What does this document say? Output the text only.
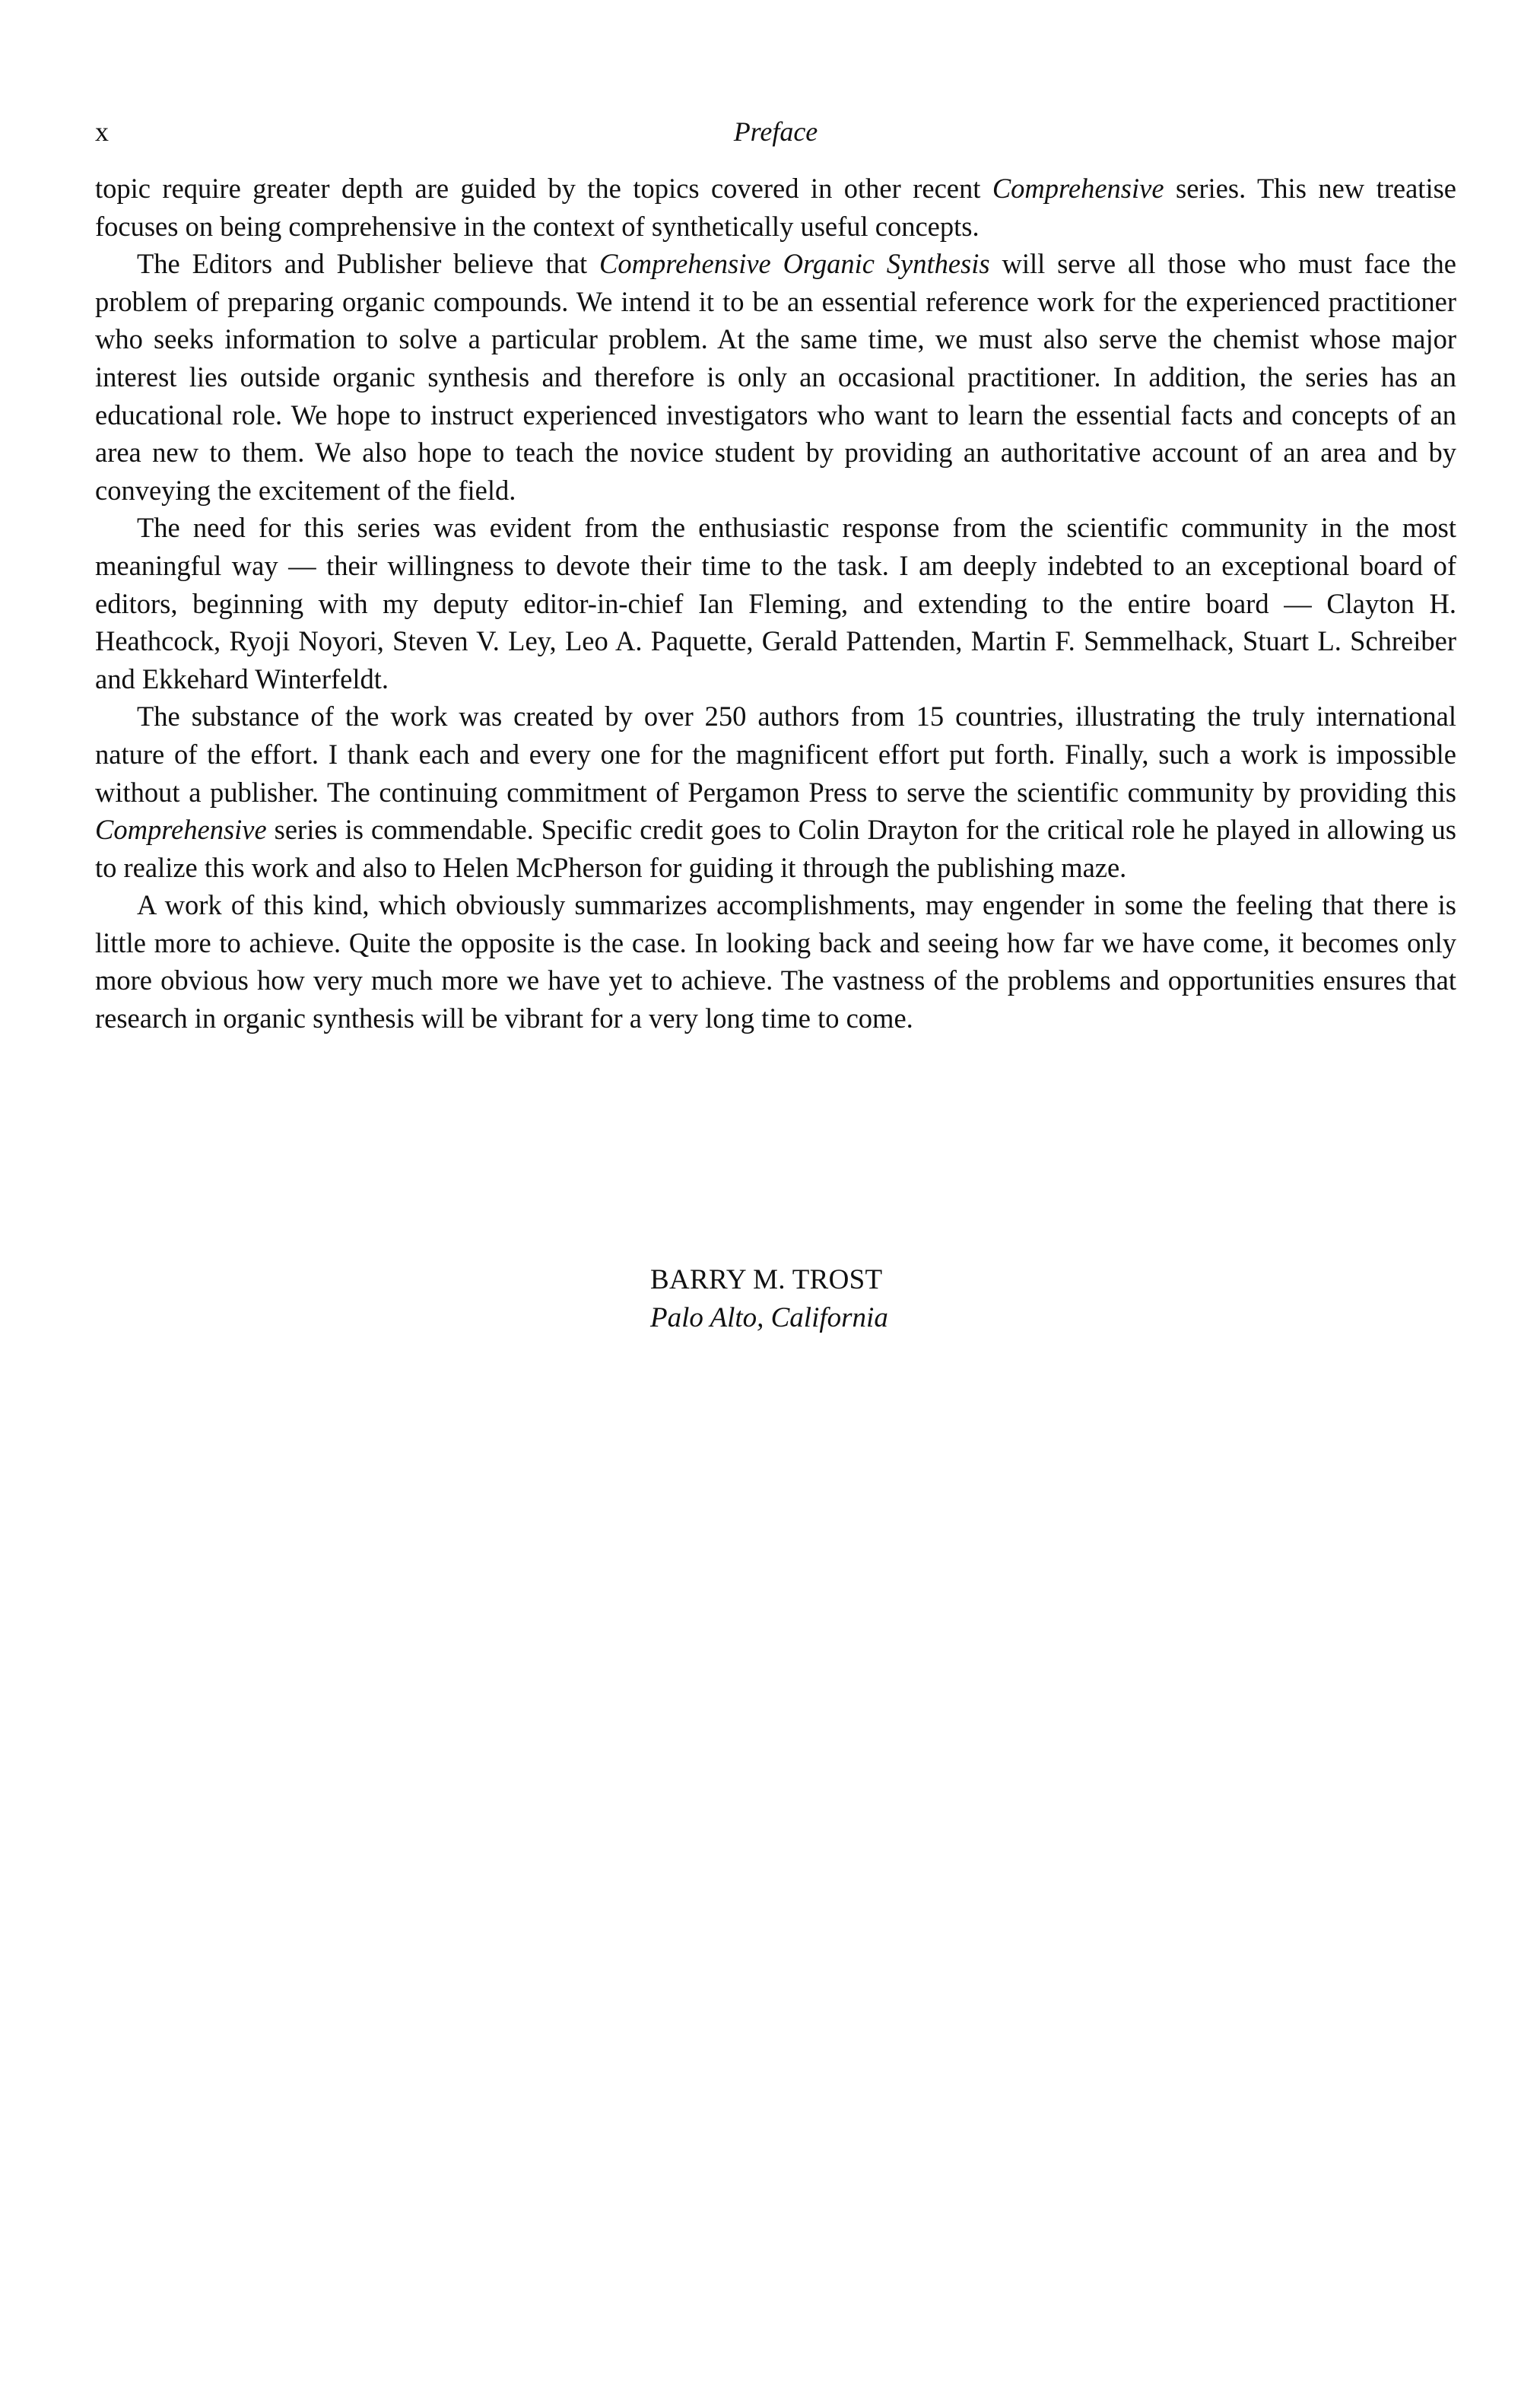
x	Preface

topic require greater depth are guided by the topics covered in other recent Comprehensive series. This new treatise focuses on being comprehensive in the context of synthetically useful concepts.

The Editors and Publisher believe that Comprehensive Organic Synthesis will serve all those who must face the problem of preparing organic compounds. We intend it to be an essential reference work for the experienced practitioner who seeks information to solve a particular problem. At the same time, we must also serve the chemist whose major interest lies outside organic synthesis and therefore is only an occasional practitioner. In addition, the series has an educational role. We hope to instruct experienced investigators who want to learn the essential facts and concepts of an area new to them. We also hope to teach the novice student by providing an authoritative account of an area and by conveying the excitement of the field.

The need for this series was evident from the enthusiastic response from the scientific community in the most meaningful way — their willingness to devote their time to the task. I am deeply indebted to an exceptional board of editors, beginning with my deputy editor-in-chief Ian Fleming, and extending to the entire board — Clayton H. Heathcock, Ryoji Noyori, Steven V. Ley, Leo A. Paquette, Gerald Pattenden, Martin F. Semmelhack, Stuart L. Schreiber and Ekkehard Winterfeldt.

The substance of the work was created by over 250 authors from 15 countries, illustrating the truly international nature of the effort. I thank each and every one for the magnificent effort put forth. Finally, such a work is impossible without a publisher. The continuing commitment of Pergamon Press to serve the scientific community by providing this Comprehensive series is commendable. Specific credit goes to Colin Drayton for the critical role he played in allowing us to realize this work and also to Helen McPherson for guiding it through the publishing maze.

A work of this kind, which obviously summarizes accomplishments, may engender in some the feeling that there is little more to achieve. Quite the opposite is the case. In looking back and seeing how far we have come, it becomes only more obvious how very much more we have yet to achieve. The vastness of the problems and opportunities ensures that research in organic synthesis will be vibrant for a very long time to come.

BARRY M. TROST
Palo Alto, California
